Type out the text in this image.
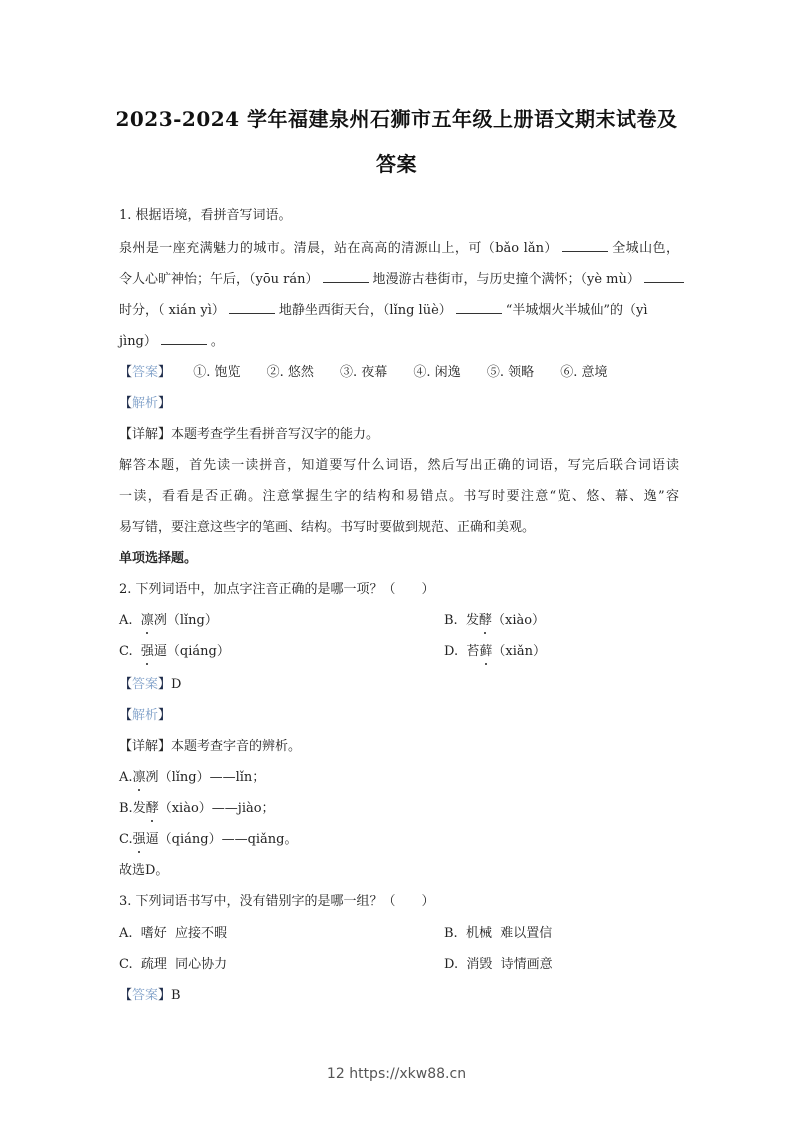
2023-2024 学年福建泉州石狮市五年级上册语文期末试卷及
答案
1. 根据语境，看拼音写词语。
泉州是一座充满魅力的城市。清晨，站在高高的清源山上，可（bǎo lǎn）	全城山色，
令人心旷神怡；午后，（yōu rán）	地漫游古巷街市，与历史撞个满怀；（yè mù）
时分，（ xián yì）	地静坐西街天台，（lǐng lüè）	“半城烟火半城仙”的（yì
jìng）	。
【答案】 ①. 饱览 ②. 悠然 ③. 夜幕 ④. 闲逸 ⑤. 领略 ⑥. 意境
【解析】
【详解】本题考查学生看拼音写汉字的能力。
解答本题，首先读一读拼音，知道要写什么词语，然后写出正确的词语，写完后联合词语读
一读，看看是否正确。注意掌握生字的结构和易错点。书写时要注意“览、悠、幕、逸”容
易写错，要注意这些字的笔画、结构。书写时要做到规范、正确和美观。
单项选择题。
2. 下列词语中，加点字注音正确的是哪一项？（　　）
A. 凛冽（lǐng）	B. 发酵（xiào）
C. 强逼（qiáng）	D. 苔藓（xiǎn）
【答案】D
【解析】
【详解】本题考查字音的辨析。
A.凛冽（lǐng）——lǐn；
B.发酵（xiào）——jiào；
C.强逼（qiáng）——qiǎng。
故选D。
3. 下列词语书写中，没有错别字的是哪一组？（　　）
A. 嗜好  应接不暇	B. 机械  难以置信
C. 疏理  同心协力	D. 消毁  诗情画意
【答案】B
12 https://xkw88.cn
